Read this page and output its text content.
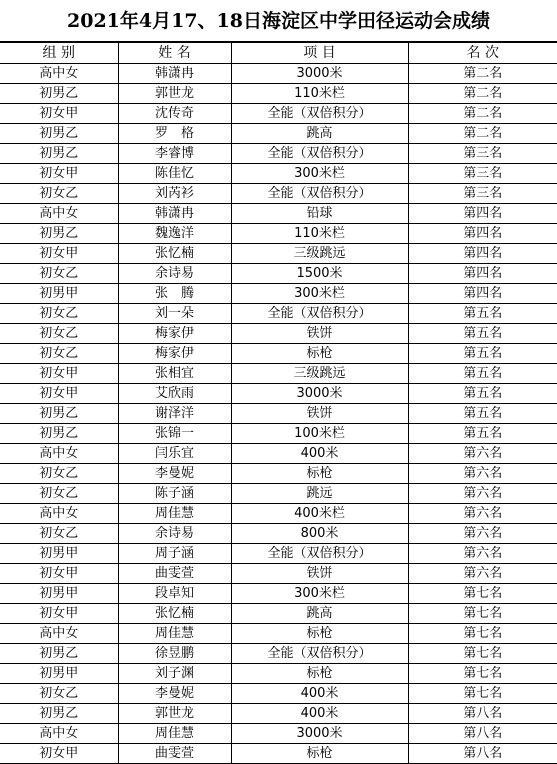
2021年4月17、18日海淀区中学田径运动会成绩
组 别	姓 名	项 目	名 次
高中女	韩潇冉	3000米	第二名
初男乙	郭世龙	110米栏	第二名
初女甲	沈传奇	全能（双倍积分）	第二名
初男乙	罗　格	跳高	第二名
初男乙	李睿博	全能（双倍积分）	第三名
初女甲	陈佳忆	300米栏	第三名
初女乙	刘芮衫	全能（双倍积分）	第三名
高中女	韩潇冉	铅球	第四名
初男乙	魏逸洋	110米栏	第四名
初女甲	张忆楠	三级跳远	第四名
初女乙	余诗易	1500米	第四名
初男甲	张　腾	300米栏	第四名
初女乙	刘一朵	全能（双倍积分）	第五名
初女乙	梅家伊	铁饼	第五名
初女乙	梅家伊	标枪	第五名
初女甲	张相宜	三级跳远	第五名
初女甲	艾欣雨	3000米	第五名
初男乙	谢泽洋	铁饼	第五名
初男乙	张锦一	100米栏	第五名
高中女	闫乐宜	400米	第六名
初女乙	李曼妮	标枪	第六名
初女乙	陈子涵	跳远	第六名
高中女	周佳慧	400米栏	第六名
初女乙	余诗易	800米	第六名
初男甲	周子涵	全能（双倍积分）	第六名
初女甲	曲雯萱	铁饼	第六名
初男甲	段卓知	300米栏	第七名
初女甲	张忆楠	跳高	第七名
高中女	周佳慧	标枪	第七名
初男乙	徐昱鹏	全能（双倍积分）	第七名
初男甲	刘子渊	标枪	第七名
初女乙	李曼妮	400米	第七名
初男乙	郭世龙	400米	第八名
高中女	周佳慧	3000米	第八名
初女甲	曲雯萱	标枪	第八名
